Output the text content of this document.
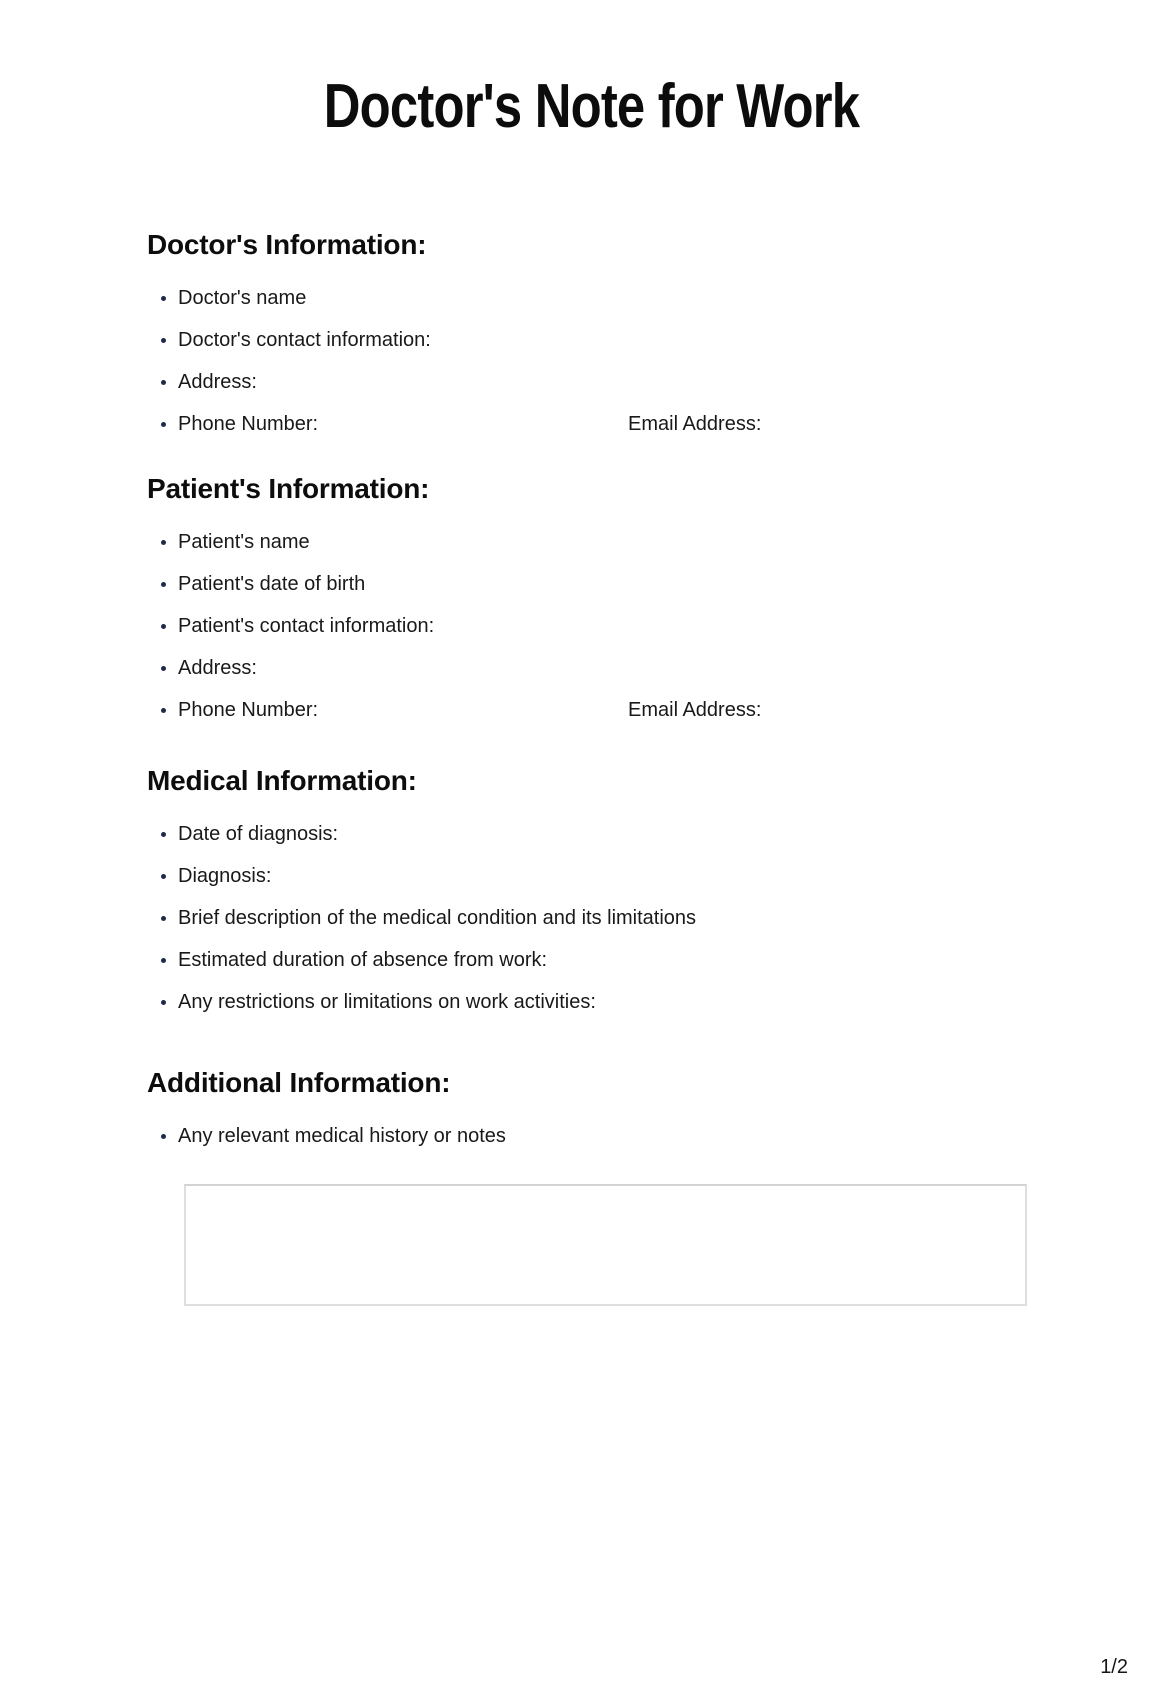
Doctor's Note for Work
Doctor's Information:
• Doctor's name
• Doctor's contact information:
• Address:
• Phone Number:	Email Address:
Patient's Information:
• Patient's name
• Patient's date of birth
• Patient's contact information:
• Address:
• Phone Number:	Email Address:
Medical Information:
• Date of diagnosis:
• Diagnosis:
• Brief description of the medical condition and its limitations
• Estimated duration of absence from work:
• Any restrictions or limitations on work activities:
Additional Information:
• Any relevant medical history or notes
1/2
